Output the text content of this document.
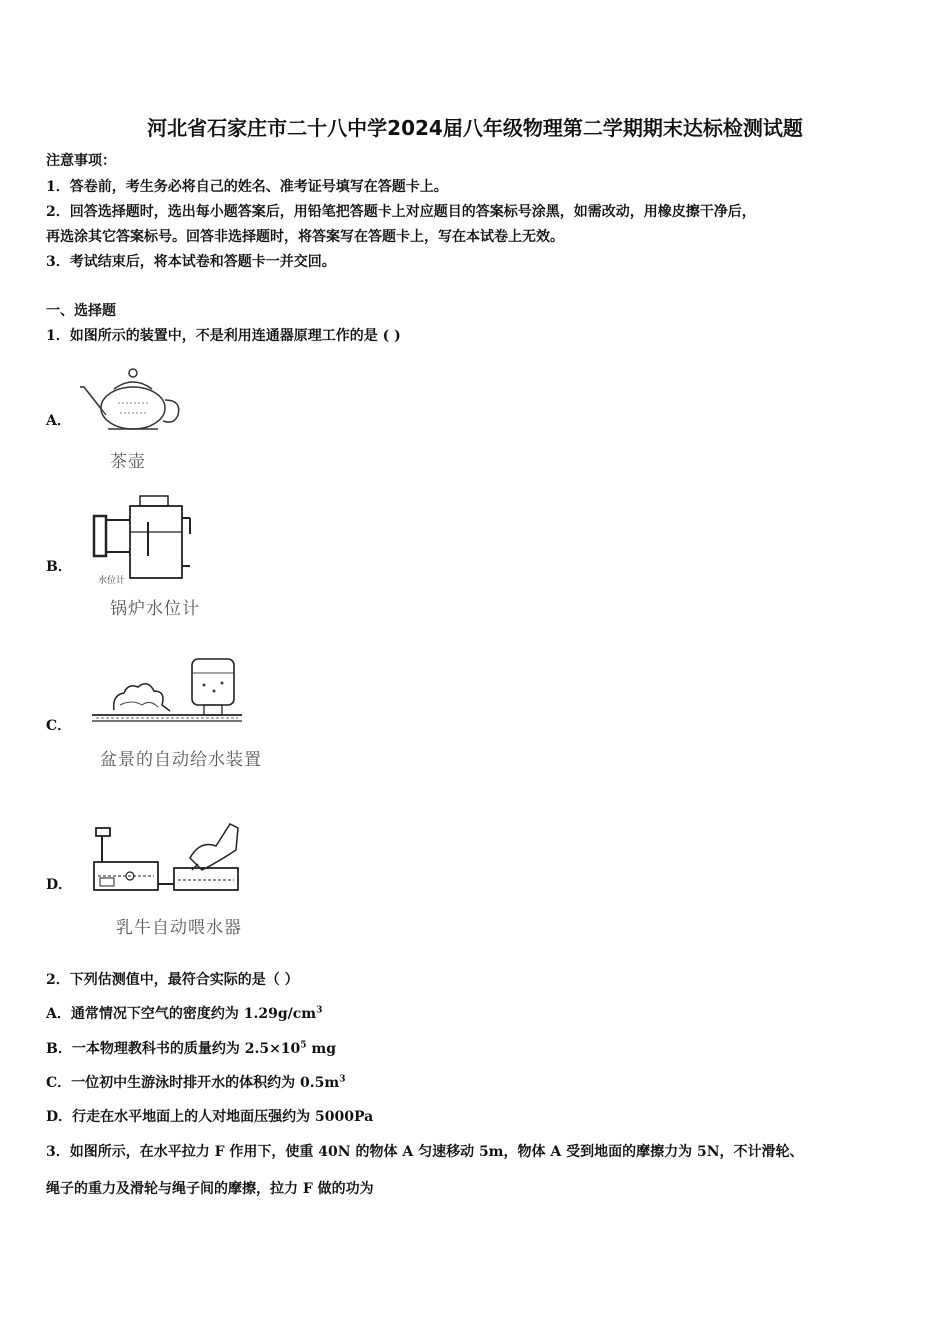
河北省石家庄市二十八中学2024届八年级物理第二学期期末达标检测试题
注意事项：
1．答卷前，考生务必将自己的姓名、准考证号填写在答题卡上。
2．回答选择题时，选出每小题答案后，用铅笔把答题卡上对应题目的答案标号涂黑，如需改动，用橡皮擦干净后，
再选涂其它答案标号。回答非选择题时，将答案写在答题卡上，写在本试卷上无效。
3．考试结束后，将本试卷和答题卡一并交回。
一、选择题
1．如图所示的装置中，不是利用连通器原理工作的是 ( )
A．
茶壶
B．
水位计
锅炉水位计
C．
盆景的自动给水装置
D．
乳牛自动喂水器
2．下列估测值中，最符合实际的是（ ）
A．通常情况下空气的密度约为 $1.29g/cm^3$
B．一本物理教科书的质量约为 $2.5\times 10^5$ mg
C．一位初中生游泳时排开水的体积约为 $0.5m^3$
D．行走在水平地面上的人对地面压强约为 5000Pa
3．如图所示，在水平拉力 F 作用下，使重 40N 的物体 A 匀速移动 5m，物体 A 受到地面的摩擦力为 5N，不计滑轮、
绳子的重力及滑轮与绳子间的摩擦，拉力 F 做的功为
